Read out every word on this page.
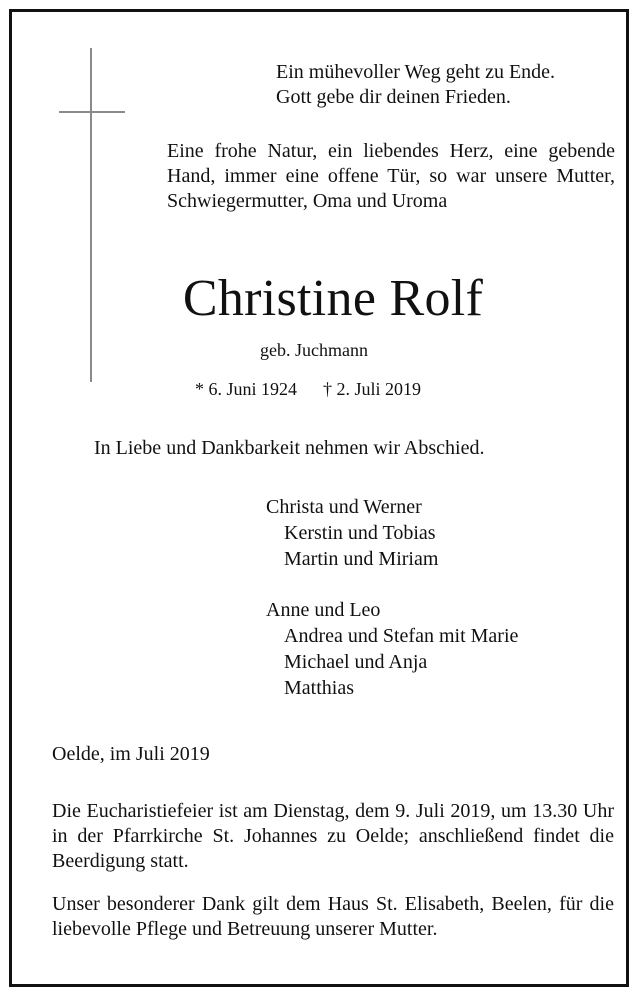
Ein mühevoller Weg geht zu Ende.
Gott gebe dir deinen Frieden.
Eine frohe Natur, ein liebendes Herz, eine gebende Hand, immer eine offene Tür, so war unsere Mutter, Schwiegermutter, Oma und Uroma
Christine Rolf
geb. Juchmann
* 6. Juni 1924 † 2. Juli 2019
In Liebe und Dankbarkeit nehmen wir Abschied.
Christa und Werner
Kerstin und Tobias
Martin und Miriam
Anne und Leo
Andrea und Stefan mit Marie
Michael und Anja
Matthias
Oelde, im Juli 2019
Die Eucharistiefeier ist am Dienstag, dem 9. Juli 2019, um 13.30 Uhr in der Pfarrkirche St. Johannes zu Oelde; anschließend findet die Beerdigung statt.
Unser besonderer Dank gilt dem Haus St. Elisabeth, Beelen, für die liebevolle Pflege und Betreuung unserer Mutter.
